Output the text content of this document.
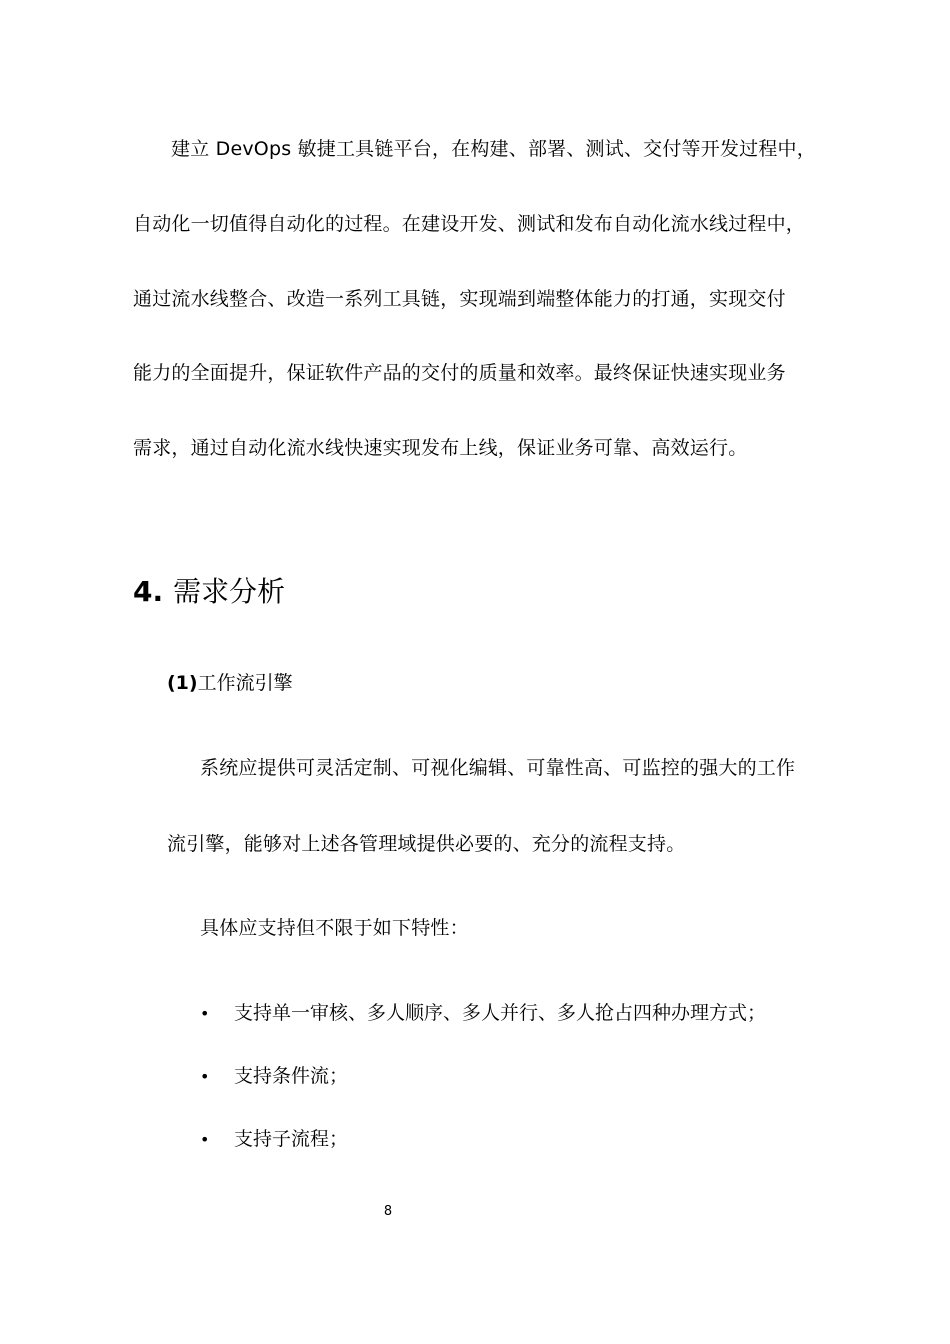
建立 DevOps 敏捷工具链平台，在构建、部署、测试、交付等开发过程中，
自动化一切值得自动化的过程。在建设开发、测试和发布自动化流水线过程中，
通过流水线整合、改造一系列工具链，实现端到端整体能力的打通，实现交付
能力的全面提升，保证软件产品的交付的质量和效率。最终保证快速实现业务
需求，通过自动化流水线快速实现发布上线，保证业务可靠、高效运行。
4. 需求分析
(1)工作流引擎
系统应提供可灵活定制、可视化编辑、可靠性高、可监控的强大的工作
流引擎，能够对上述各管理域提供必要的、充分的流程支持。
具体应支持但不限于如下特性：
• 支持单一审核、多人顺序、多人并行、多人抢占四种办理方式；
• 支持条件流；
• 支持子流程；
8
